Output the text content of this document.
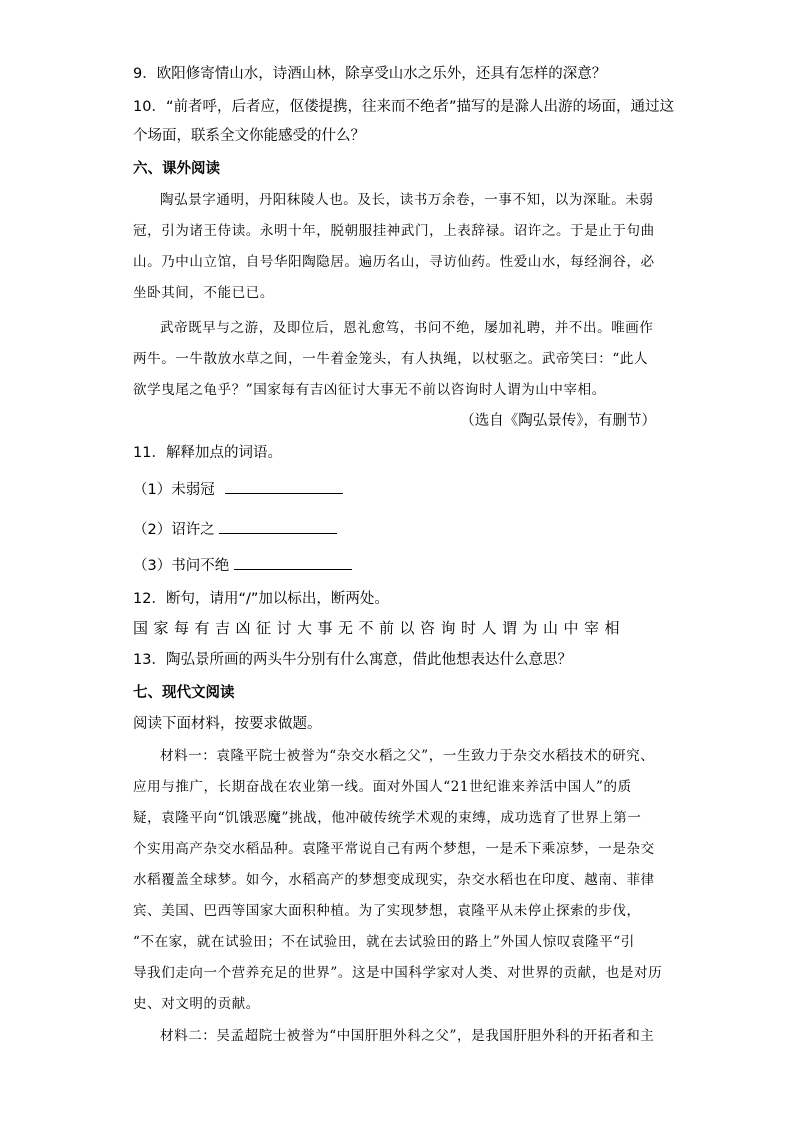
9．欧阳修寄情山水，诗酒山林，除享受山水之乐外，还具有怎样的深意？
10．“前者呼，后者应，伛偻提携，往来而不绝者”描写的是滁人出游的场面，通过这
个场面，联系全文你能感受的什么？
六、课外阅读
陶弘景字通明，丹阳秣陵人也。及长，读书万余卷，一事不知，以为深耻。未弱
冠，引为诸王侍读。永明十年，脱朝服挂神武门，上表辞禄。诏许之。于是止于句曲
山。乃中山立馆，自号华阳陶隐居。遍历名山，寻访仙药。性爱山水，每经涧谷，必
坐卧其间，不能已已。
武帝既早与之游，及即位后，恩礼愈笃，书问不绝，屡加礼聘，并不出。唯画作
两牛。一牛散放水草之间，一牛着金笼头，有人执绳，以杖驱之。武帝笑曰：“此人
欲学曳尾之龟乎？”国家每有吉凶征讨大事无不前以咨询时人谓为山中宰相。
（选自《陶弘景传》，有删节）
11．解释加点的词语。
（1）未弱冠
（2）诏许之
（3）书问不绝
12．断句，请用“/”加以标出，断两处。
国家每有吉凶征讨大事无不前以咨询时人谓为山中宰相
13．陶弘景所画的两头牛分别有什么寓意，借此他想表达什么意思？
七、现代文阅读
阅读下面材料，按要求做题。
材料一：袁隆平院士被誉为“杂交水稻之父”，一生致力于杂交水稻技术的研究、
应用与推广，长期奋战在农业第一线。面对外国人“21世纪谁来养活中国人”的质
疑，袁隆平向“饥饿恶魔”挑战，他冲破传统学术观的束缚，成功选育了世界上第一
个实用高产杂交水稻品种。袁隆平常说自己有两个梦想，一是禾下乘凉梦，一是杂交
水稻覆盖全球梦。如今，水稻高产的梦想变成现实，杂交水稻也在印度、越南、菲律
宾、美国、巴西等国家大面积种植。为了实现梦想，袁隆平从未停止探索的步伐，
“不在家，就在试验田；不在试验田，就在去试验田的路上”外国人惊叹袁隆平“引
导我们走向一个营养充足的世界”。这是中国科学家对人类、对世界的贡献，也是对历
史、对文明的贡献。
材料二：吴孟超院士被誉为“中国肝胆外科之父”，是我国肝胆外科的开拓者和主
